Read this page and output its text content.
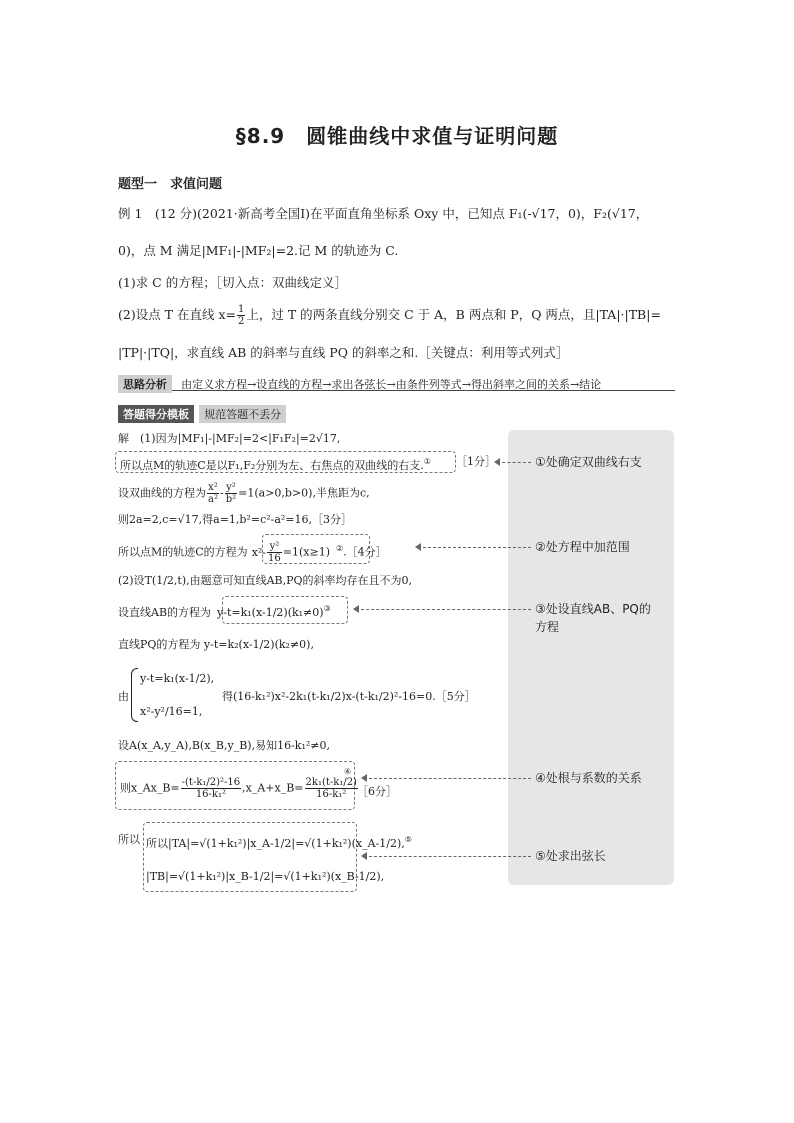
§8.9　圆锥曲线中求值与证明问题
题型一　求值问题
例 1　(12 分)(2021·新高考全国Ⅰ)在平面直角坐标系 Oxy 中，已知点 F₁(-√17，0)，F₂(√17，
0)，点 M 满足|MF₁|-|MF₂|=2.记 M 的轨迹为 C.
(1)求 C 的方程；［切入点：双曲线定义］
(2)设点 T 在直线 $x= \frac{1}{2}$ 上，过 T 的两条直线分别交 C 于 A，B 两点和 P，Q 两点，且|TA|·|TB|=
|TP|·|TQ|，求直线 AB 的斜率与直线 PQ 的斜率之和.［关键点：利用等式列式］
思路分析 由定义求方程→设直线的方程→求出各弦长→由条件列等式→得出斜率之间的关系→结论
答题得分模板 规范答题不丢分
解　(1)因为|MF₁|-|MF₂|=2<|F₁F₂|=2√17,
所以点M的轨迹C是以F₁,F₂分别为左、右焦点的双曲线的右支.① ［1分］
设双曲线的方程为 $\frac{\text{x²}}{\text{a²}} - \frac{\text{y²}}{\text{b²}} =1(a>0,b>0)$,半焦距为c,
则2a=2,c=√17,得a=1,b²=c²-a²=16,［3分］
所以点M的轨迹C的方程为 $x^2- \frac{\text{y²}}{16} =1(x\ge 1)$ ②.［4分］
(2)设T(1/2,t),由题意可知直线AB,PQ的斜率均存在且不为0,
设直线AB的方程为 y-t=k₁(x-1/2)(k₁≠0)③
直线PQ的方程为 y-t=k₂(x-1/2)(k₂≠0),
由
y-t=k₁(x-1/2),
x²-y²/16=1,
得(16-k₁²)x²-2k₁(t-k₁/2)x-(t-k₁/2)²-16=0.［5分］
设A(x_A,y_A),B(x_B,y_B),易知16-k₁²≠0,
则x_Ax_B= $\frac{\text{-(t-k₁/2)²-16}}{\text{16-k₁²}}$ ,x_A+x_B= $\frac{\text{2k₁(t-k₁/2)}}{\text{16-k₁²}}$
④
［6分］
所以 所以|TA|=√(1+k₁²)|x_A-1/2|=√(1+k₁²)(x_A-1/2),⑤
|TB|=√(1+k₁²)|x_B-1/2|=√(1+k₁²)(x_B-1/2),
①处确定双曲线右支
②处方程中加范围
③处设直线AB、PQ的
方程
④处根与系数的关系
⑤处求出弦长
